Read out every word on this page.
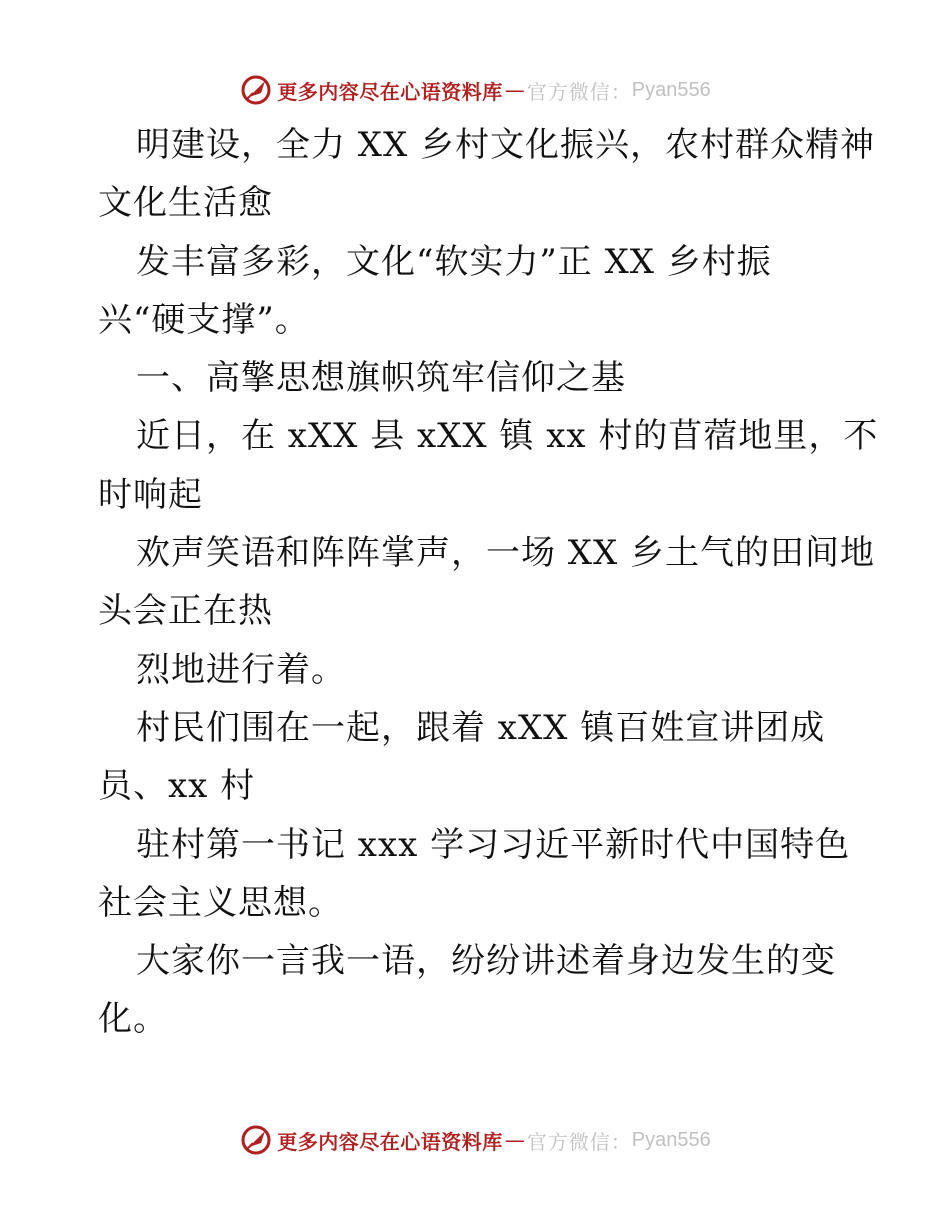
更多内容尽在心语资料库 — 官方微信： Pyan556
明建设，全力 XX 乡村文化振兴，农村群众精神
文化生活愈
发丰富多彩，文化“软实力”正 XX 乡村振
兴“硬支撑”。
一、高擎思想旗帜筑牢信仰之基
近日，在 xXX 县 xXX 镇 xx 村的苜蓿地里，不
时响起
欢声笑语和阵阵掌声，一场 XX 乡土气的田间地
头会正在热
烈地进行着。
村民们围在一起，跟着 xXX 镇百姓宣讲团成
员、xx 村
驻村第一书记 xxx 学习习近平新时代中国特色
社会主义思想。
大家你一言我一语，纷纷讲述着身边发生的变
化。
更多内容尽在心语资料库 — 官方微信： Pyan556
